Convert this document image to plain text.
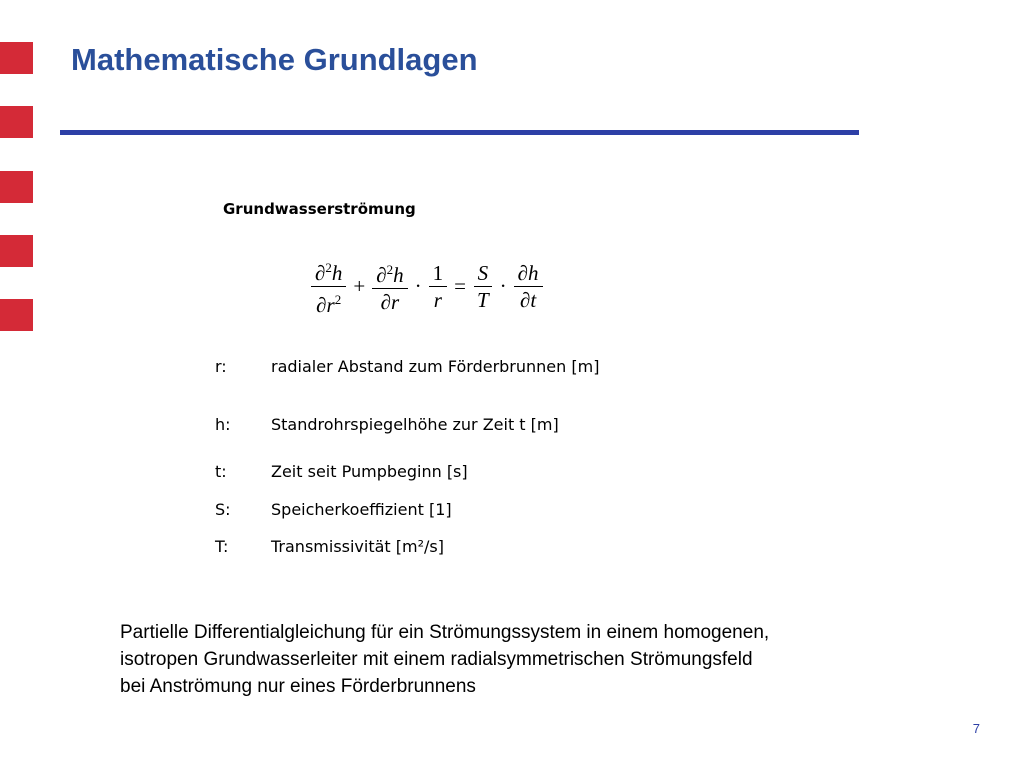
Mathematische Grundlagen
Grundwasserströmung
$\frac{\partial^2h}{\partial r^2} + \frac{\partial^2h}{\partial r} \cdot \frac{1}{r} = \frac{S}{T} \cdot \frac{\partial h}{\partial t}$
r:	radialer Abstand zum Förderbrunnen [m]
h:	Standrohrspiegelhöhe zur Zeit t [m]
t:	Zeit seit Pumpbeginn [s]
S:	Speicherkoeffizient [1]
T:	Transmissivität [m²/s]
Partielle Differentialgleichung für ein Strömungssystem in einem homogenen,
isotropen Grundwasserleiter mit einem radialsymmetrischen Strömungsfeld
bei Anströmung nur eines Förderbrunnens
7
